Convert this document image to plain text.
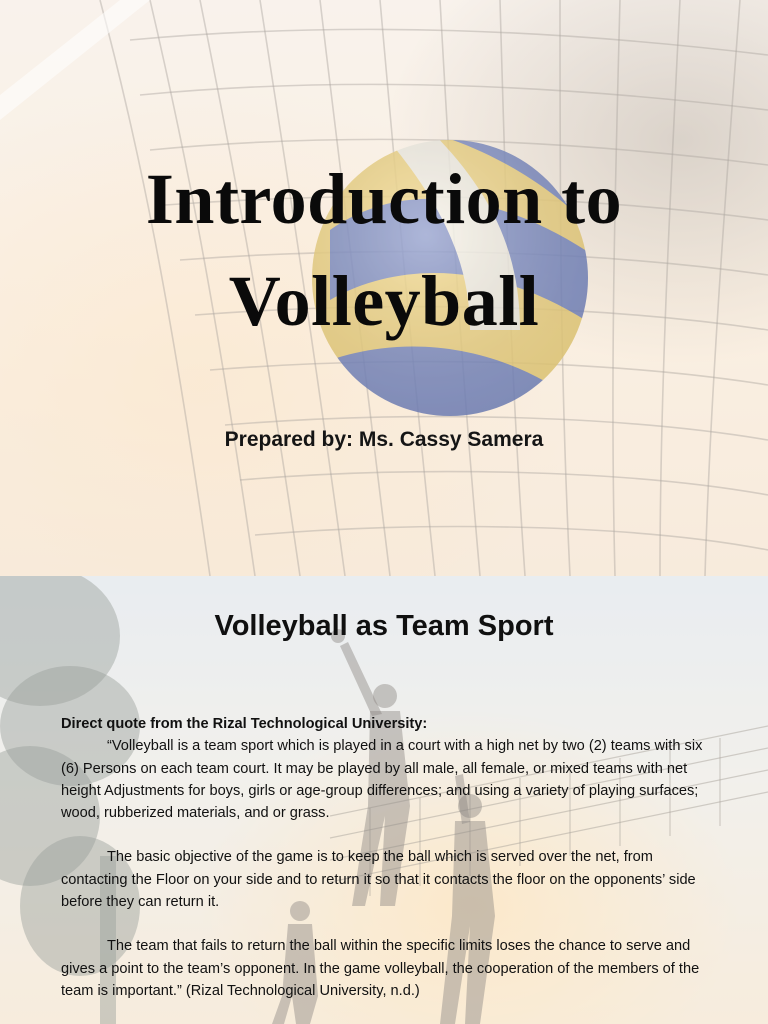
Introduction to
Volleyball
Prepared by: Ms. Cassy Samera
Volleyball as Team Sport
Direct quote from the Rizal Technological University:

“Volleyball is a team sport which is played in a court with a high net by two (2) teams with six (6) Persons on each team court. It may be played by all male, all female, or mixed teams with net height Adjustments for boys, girls or age-group differences; and using a variety of playing surfaces; wood, rubberized materials, and or grass.

The basic objective of the game is to keep the ball which is served over the net, from contacting the Floor on your side and to return it so that it contacts the floor on the opponents’ side before they can return it.

The team that fails to return the ball within the specific limits loses the chance to serve and gives a point to the team’s opponent. In the game volleyball, the cooperation of the members of the team is important.” (Rizal Technological University, n.d.)
